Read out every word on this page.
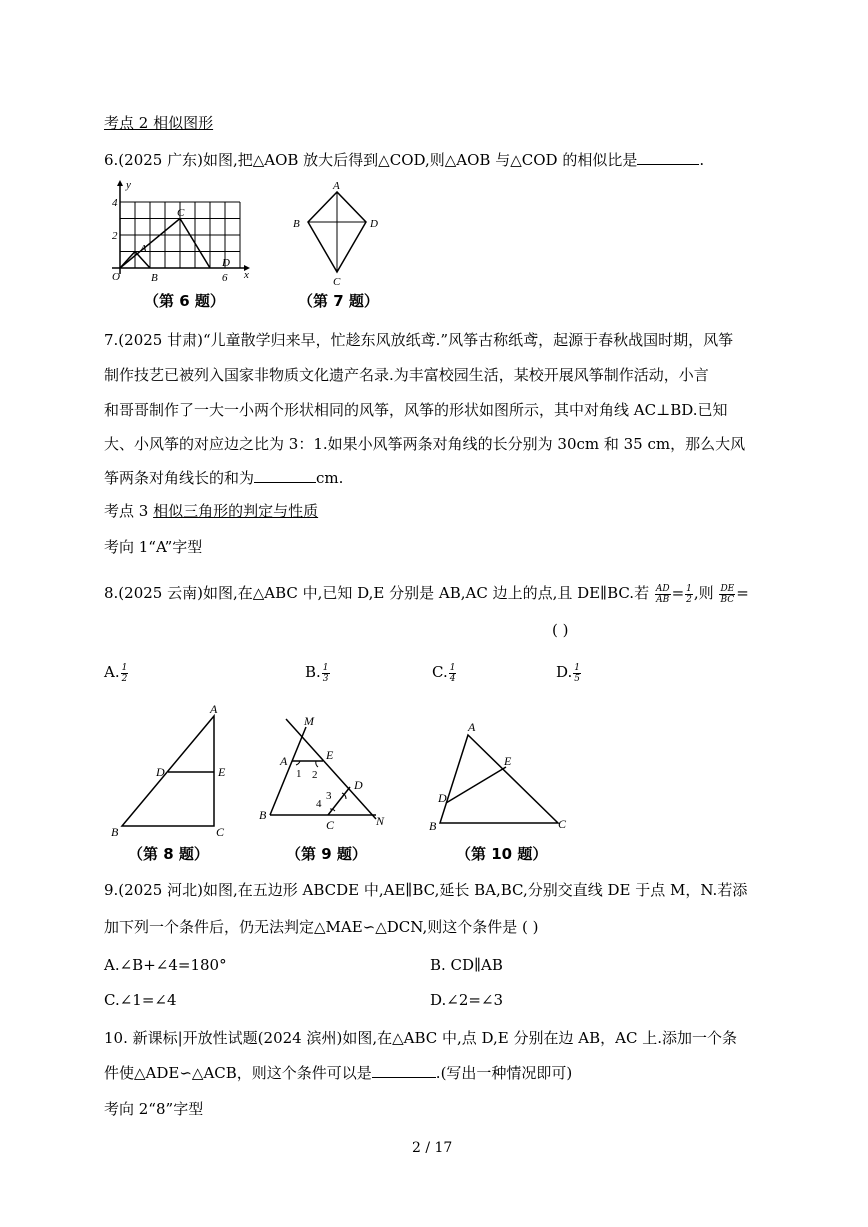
考点 2 相似图形
6.(2025 广东)如图,把△AOB 放大后得到△COD,则△AOB 与△COD 的相似比是	.
y
x
4
2
O	6
A
B
C
D
（第 6 题）
A
B	D
C
（第 7 题）
7.(2025 甘肃)“儿童散学归来早，忙趁东风放纸鸢.”风筝古称纸鸢，起源于春秋战国时期，风筝
制作技艺已被列入国家非物质文化遗产名录.为丰富校园生活，某校开展风筝制作活动，小言
和哥哥制作了一大一小两个形状相同的风筝，风筝的形状如图所示，其中对角线 AC⊥BD.已知
大、小风筝的对应边之比为 3：1.如果小风筝两条对角线的长分别为 30cm 和 35 cm，那么大风
筝两条对角线长的和为	cm.
考点 3 相似三角形的判定与性质
考向 1“A”字型
8.(2025 云南)如图,在△ABC 中,已知 D,E 分别是 AB,AC 边上的点,且 DE∥BC.若 $\frac{AD}{AB} = \frac{1}{2}$ ,则 $\frac{DE}{BC}$ =
( )
A. $\frac{1}{2}$	B. $\frac{1}{3}$	C. $\frac{1}{4}$	D. $\frac{1}{5}$
A
D	E
B	C
（第 8 题）
M
A	E
D
B
C	N
1 2
3
4
（第 9 题）
A
E
D
B	C
（第 10 题）
9.(2025 河北)如图,在五边形 ABCDE 中,AE∥BC,延长 BA,BC,分别交直线 DE 于点 M，N.若添
加下列一个条件后，仍无法判定△MAE∽△DCN,则这个条件是 ( )
A.∠B+∠4=180°	B. CD∥AB
C.∠1=∠4	D.∠2=∠3
10. 新课标|开放性试题(2024 滨州)如图,在△ABC 中,点 D,E 分别在边 AB，AC 上.添加一个条
件使△ADE∽△ACB，则这个条件可以是	.(写出一种情况即可)
考向 2“8”字型
2 / 17
